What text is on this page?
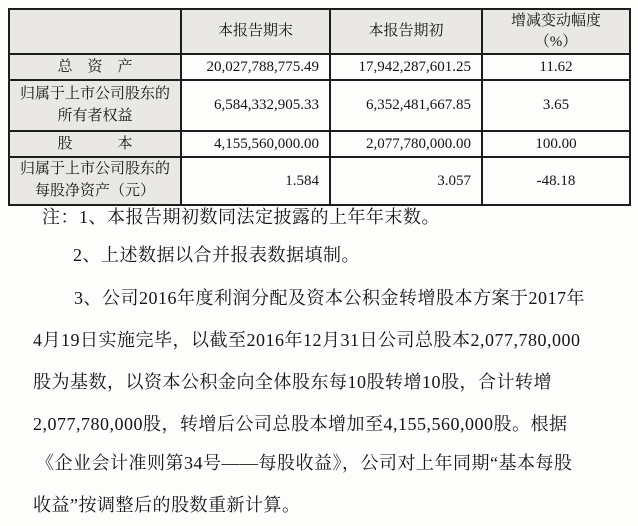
	本报告期末	本报告期初	增减变动幅度
（%）

总　资　产	20,027,788,775.49	17,942,287,601.25	11.62

归属于上市公司股东的
所有者权益	6,584,332,905.33	6,352,481,667.85	3.65
股　　　本	4,155,560,000.00	2,077,780,000.00	100.00

归属于上市公司股东的
每股净资产（元）	1.584	3.057	-48.18
注：1、本报告期初数同法定披露的上年年末数。
2、上述数据以合并报表数据填制。
3、公司2016年度利润分配及资本公积金转增股本方案于2017年
4月19日实施完毕，以截至2016年12月31日公司总股本2,077,780,000
股为基数，以资本公积金向全体股东每10股转增10股，合计转增
2,077,780,000股，转增后公司总股本增加至4,155,560,000股。根据
《企业会计准则第34号——每股收益》，公司对上年同期“基本每股
收益”按调整后的股数重新计算。
